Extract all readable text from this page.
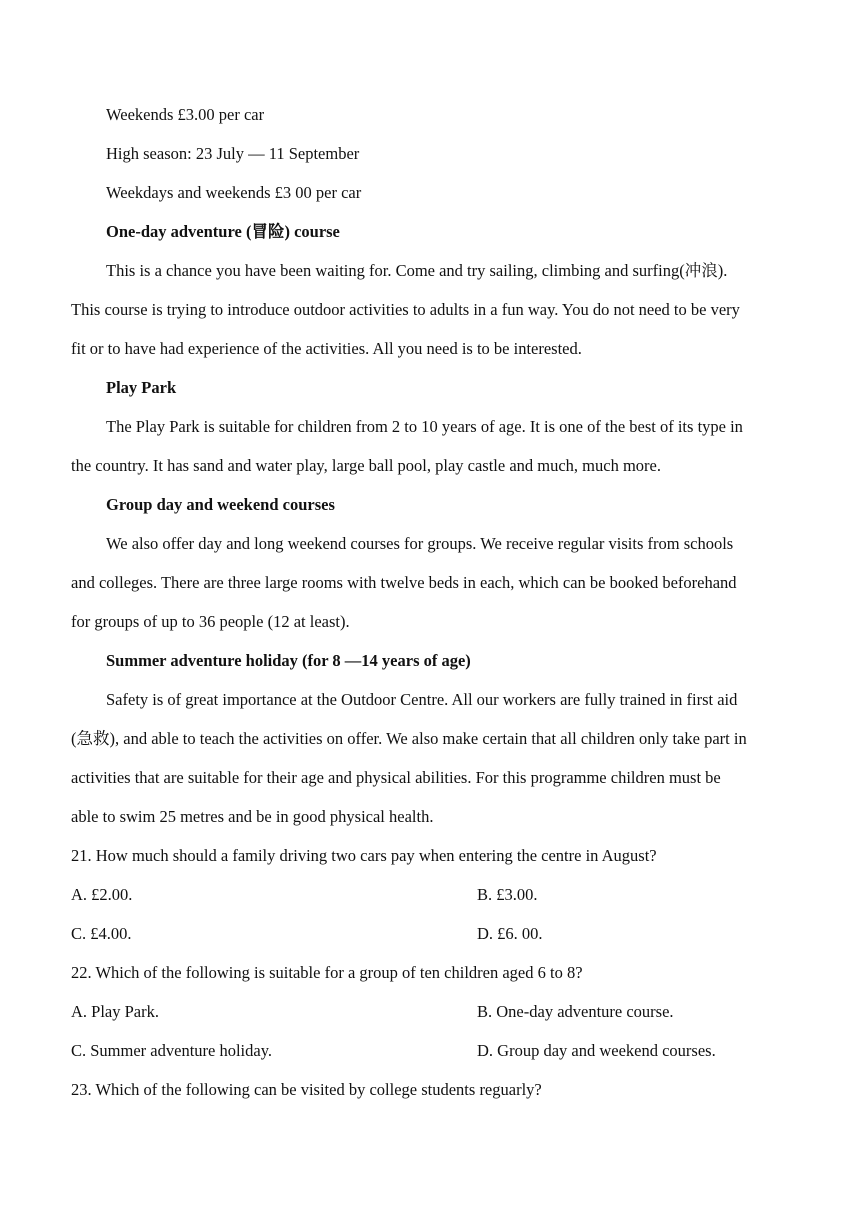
Weekends £3.00 per car
High season: 23 July — 11 September
Weekdays and weekends £3 00 per car
One-day adventure (冒险) course
This is a chance you have been waiting for. Come and try sailing, climbing and surfing(冲浪).
This course is trying to introduce outdoor activities to adults in a fun way. You do not need to be very
fit or to have had experience of the activities. All you need is to be interested.
Play Park
The Play Park is suitable for children from 2 to 10 years of age. It is one of the best of its type in
the country. It has sand and water play, large ball pool, play castle and much, much more.
Group day and weekend courses
We also offer day and long weekend courses for groups. We receive regular visits from schools
and colleges. There are three large rooms with twelve beds in each, which can be booked beforehand
for groups of up to 36 people (12 at least).
Summer adventure holiday (for 8 —14 years of age)
Safety is of great importance at the Outdoor Centre. All our workers are fully trained in first aid
(急救), and able to teach the activities on offer. We also make certain that all children only take part in
activities that are suitable for their age and physical abilities. For this programme children must be
able to swim 25 metres and be in good physical health.
21. How much should a family driving two cars pay when entering the centre in August?
A. £2.00.	B. £3.00.
C. £4.00.	D. £6. 00.
22. Which of the following is suitable for a group of ten children aged 6 to 8?
A. Play Park.	B. One-day adventure course.
C. Summer adventure holiday.	D. Group day and weekend courses.
23. Which of the following can be visited by college students reguarly?
